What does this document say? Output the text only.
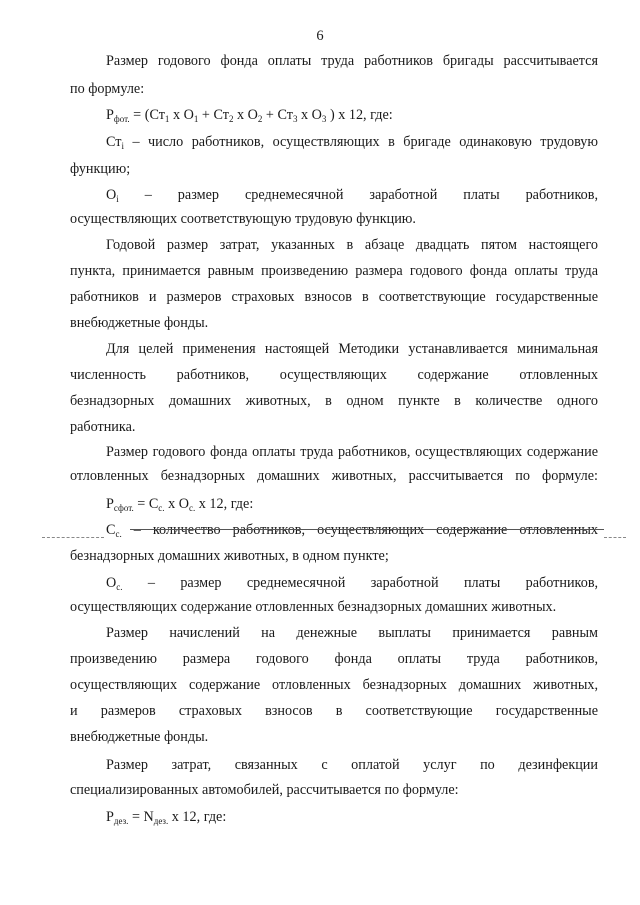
6
Размер годового фонда оплаты труда работников бригады рассчитывается
по формуле:
$Р_{фот.} = (Ст_1$ x $О_1 + Ст_2$ x $О_2 + Ст_3$ x $О_3$ ) x 12, где:
$Ст_i$ – число работников, осуществляющих в бригаде одинаковую трудовую
функцию;
$О_i$ – размер среднемесячной заработной платы работников,
осуществляющих соответствующую трудовую функцию.
Годовой размер затрат, указанных в абзаце двадцать пятом настоящего
пункта, принимается равным произведению размера годового фонда оплаты труда
работников и размеров страховых взносов в соответствующие государственные
внебюджетные фонды.
Для целей применения настоящей Методики устанавливается минимальная
численность работников, осуществляющих содержание отловленных
безнадзорных домашних животных, в одном пункте в количестве одного
работника.
Размер годового фонда оплаты труда работников, осуществляющих содержание
отловленных безнадзорных домашних животных, рассчитывается по формуле:
$Р_{сфот.} = С_{с.}$ x $О_{с.}$ x 12, где:
$С_{с.}$ – количество работников, осуществляющих содержание отловленных
безнадзорных домашних животных, в одном пункте;
$О_{с.}$ – размер среднемесячной заработной платы работников,
осуществляющих содержание отловленных безнадзорных домашних животных.
Размер начислений на денежные выплаты принимается равным
произведению размера годового фонда оплаты труда работников,
осуществляющих содержание отловленных безнадзорных домашних животных,
и размеров страховых взносов в соответствующие государственные
внебюджетные фонды.
Размер затрат, связанных с оплатой услуг по дезинфекции
специализированных автомобилей, рассчитывается по формуле:
$Р_{дез.} = N_{дез.}$ x 12, где:
